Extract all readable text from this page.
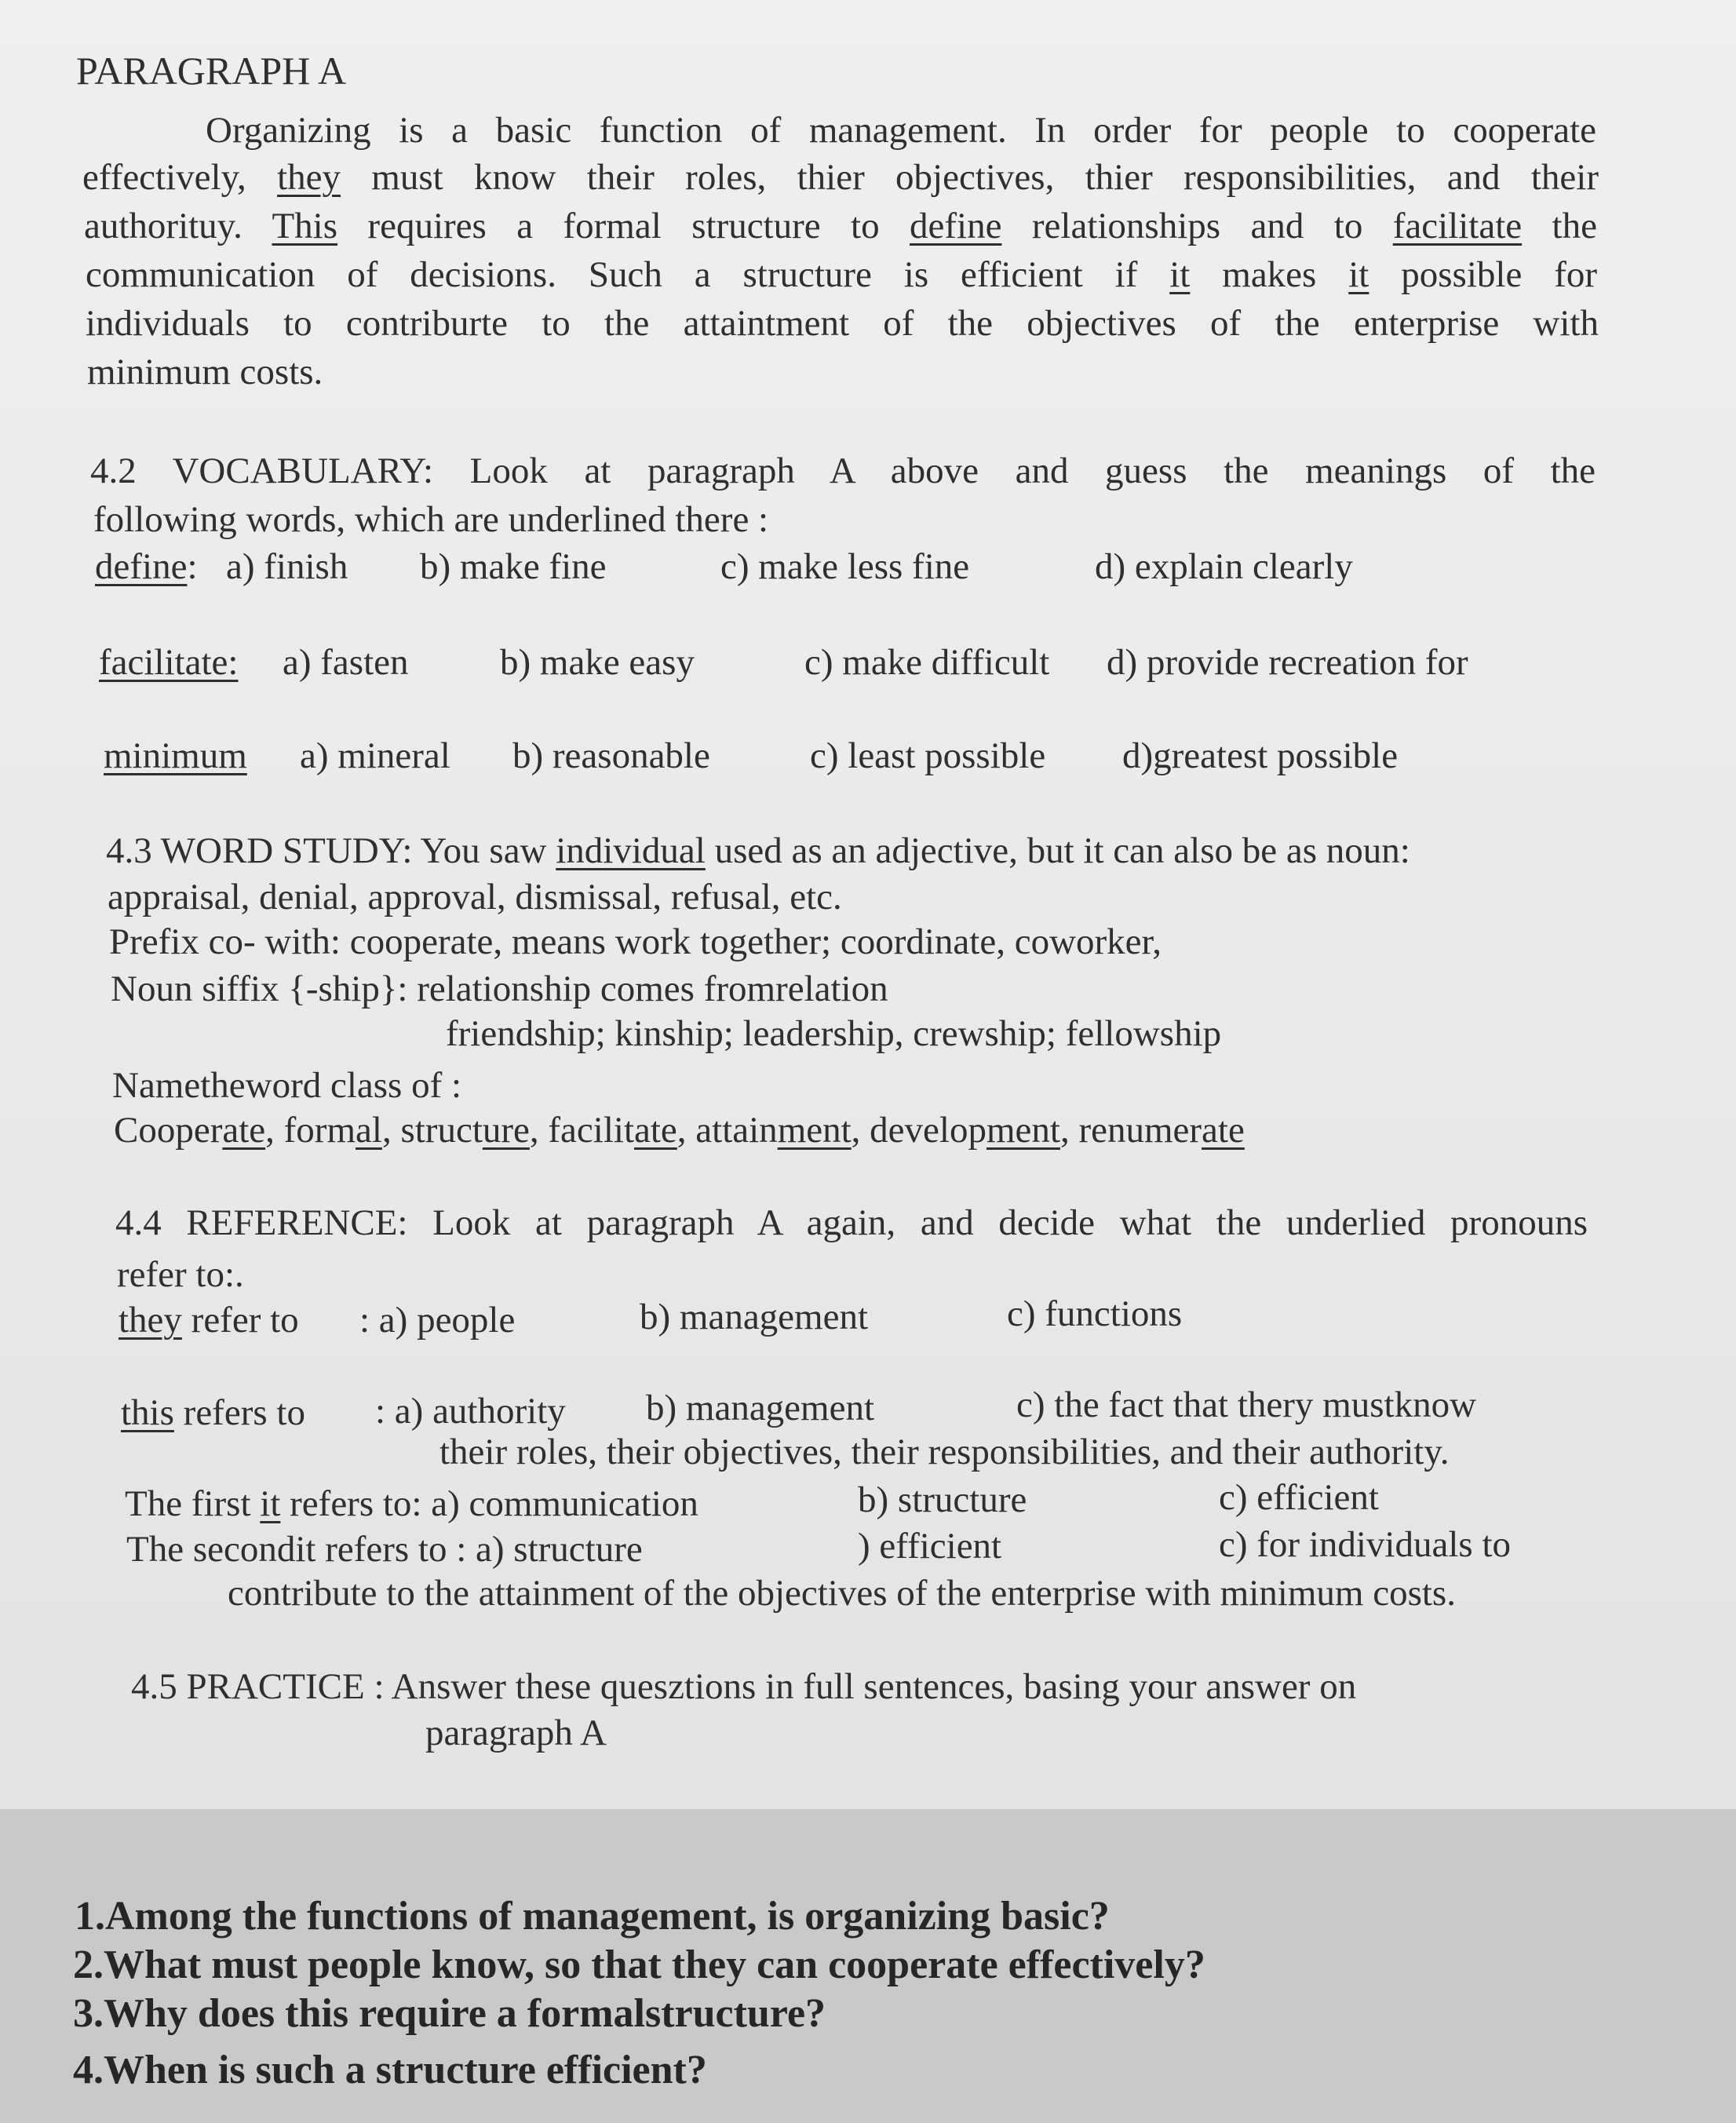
PARAGRAPH A
Organizing is a basic function of management. In order for people to cooperate
effectively, they must know their roles, thier objectives, thier responsibilities, and their
authorituy. This requires a formal structure to define relationships and to facilitate the
communication of decisions. Such a structure is efficient if it makes it possible for
individuals to contriburte to the attaintment of the objectives of the enterprise with
minimum costs.
4.2 VOCABULARY: Look at paragraph A above and guess the meanings of the
following words, which are underlined there :
define: a) finish b) make fine	c) make less fine	d) explain clearly
facilitate: a) fasten b) make easy	c) make difficult d) provide recreation for
minimum a) mineral b) reasonable	c) least possible d)greatest possible
4.3 WORD STUDY: You saw individual used as an adjective, but it can also be as noun:
appraisal, denial, approval, dismissal, refusal, etc.
Prefix co- with: cooperate, means work together; coordinate, coworker,
Noun siffix {-ship}: relationship comes fromrelation
friendship; kinship; leadership, crewship; fellowship
Nametheword class of :
Cooperate, formal, structure, facilitate, attainment, development, renumerate
4.4 REFERENCE: Look at paragraph A again, and decide what the underlied pronouns
refer to:.
they refer to : a) people	b) management	c) functions
this refers to : a) authority b) management	c) the fact that thery mustknow
their roles, their objectives, their responsibilities, and their authority.
The first it refers to: a) communication	b) structure	c) efficient
The secondit refers to : a) structure	) efficient	c) for individuals to
contribute to the attainment of the objectives of the enterprise with minimum costs.
4.5 PRACTICE : Answer these quesztions in full sentences, basing your answer on
paragraph A
1.Among the functions of management, is organizing basic?
2.What must people know, so that they can cooperate effectively?
3.Why does this require a formalstructure?
4.When is such a structure efficient?
